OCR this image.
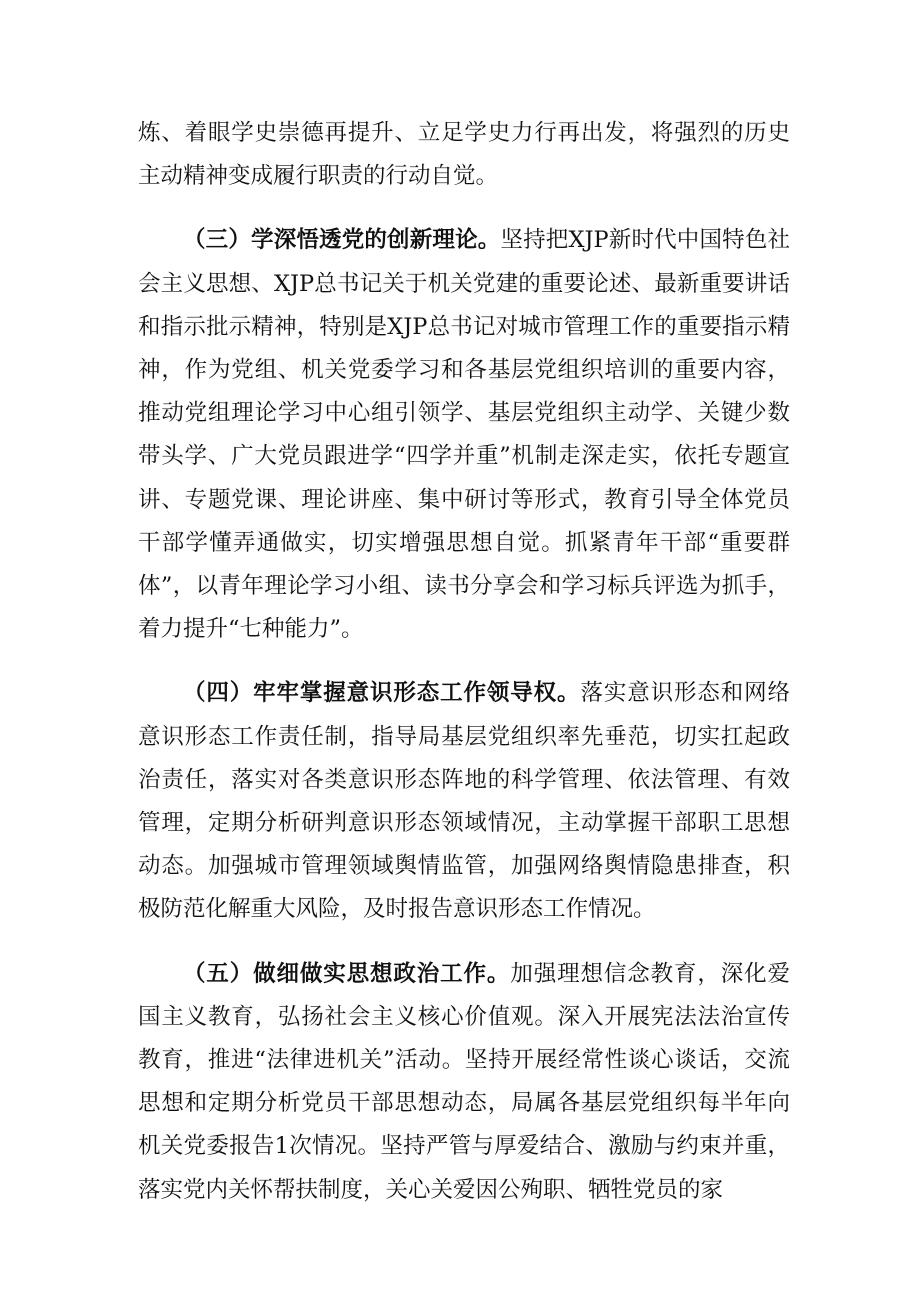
炼、着眼学史崇德再提升、立足学史力行再出发，将强烈的历史主动精神变成履行职责的行动自觉。

（三）学深悟透党的创新理论。坚持把XJP新时代中国特色社会主义思想、XJP总书记关于机关党建的重要论述、最新重要讲话和指示批示精神，特别是XJP总书记对城市管理工作的重要指示精神，作为党组、机关党委学习和各基层党组织培训的重要内容，推动党组理论学习中心组引领学、基层党组织主动学、关键少数带头学、广大党员跟进学“四学并重”机制走深走实，依托专题宣讲、专题党课、理论讲座、集中研讨等形式，教育引导全体党员干部学懂弄通做实，切实增强思想自觉。抓紧青年干部“重要群体”，以青年理论学习小组、读书分享会和学习标兵评选为抓手，着力提升“七种能力”。

（四）牢牢掌握意识形态工作领导权。落实意识形态和网络意识形态工作责任制，指导局基层党组织率先垂范，切实扛起政治责任，落实对各类意识形态阵地的科学管理、依法管理、有效管理，定期分析研判意识形态领域情况，主动掌握干部职工思想动态。加强城市管理领域舆情监管，加强网络舆情隐患排查，积极防范化解重大风险，及时报告意识形态工作情况。

（五）做细做实思想政治工作。加强理想信念教育，深化爱国主义教育，弘扬社会主义核心价值观。深入开展宪法法治宣传教育，推进“法律进机关”活动。坚持开展经常性谈心谈话，交流思想和定期分析党员干部思想动态，局属各基层党组织每半年向机关党委报告1次情况。坚持严管与厚爱结合、激励与约束并重，落实党内关怀帮扶制度，关心关爱因公殉职、牺牲党员的家
